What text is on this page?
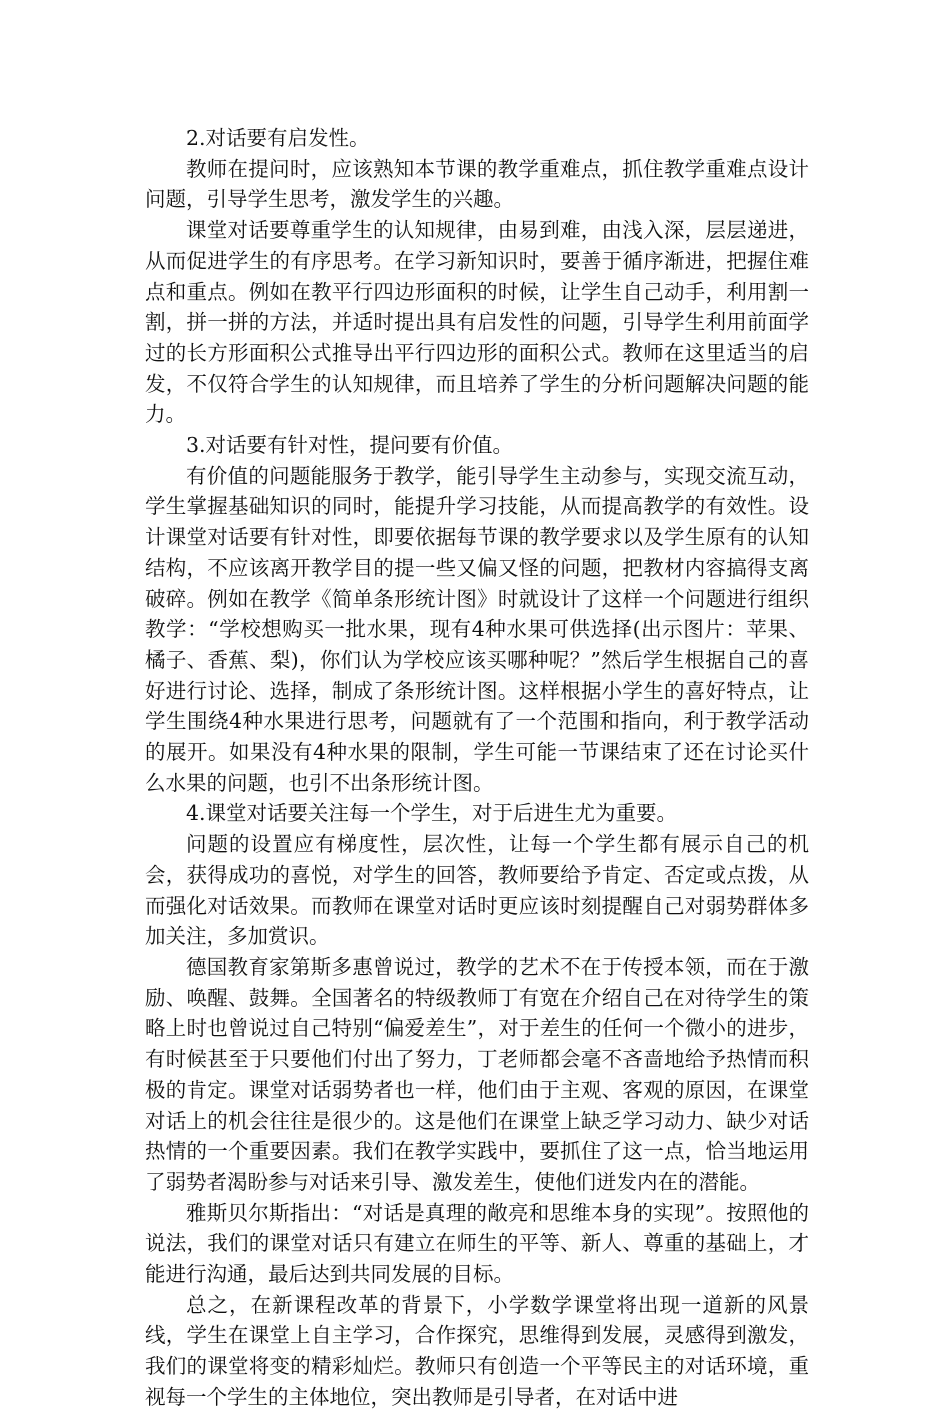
2.对话要有启发性。

教师在提问时，应该熟知本节课的教学重难点，抓住教学重难点设计问题，引导学生思考，激发学生的兴趣。

课堂对话要尊重学生的认知规律，由易到难，由浅入深，层层递进，从而促进学生的有序思考。在学习新知识时，要善于循序渐进，把握住难点和重点。例如在教平行四边形面积的时候，让学生自己动手，利用割一割，拼一拼的方法，并适时提出具有启发性的问题，引导学生利用前面学过的长方形面积公式推导出平行四边形的面积公式。教师在这里适当的启发，不仅符合学生的认知规律，而且培养了学生的分析问题解决问题的能力。

3.对话要有针对性，提问要有价值。

有价值的问题能服务于教学，能引导学生主动参与，实现交流互动，学生掌握基础知识的同时，能提升学习技能，从而提高教学的有效性。设计课堂对话要有针对性，即要依据每节课的教学要求以及学生原有的认知结构，不应该离开教学目的提一些又偏又怪的问题，把教材内容搞得支离破碎。例如在教学《简单条形统计图》时就设计了这样一个问题进行组织教学：“学校想购买一批水果，现有4种水果可供选择(出示图片：苹果、橘子、香蕉、梨)，你们认为学校应该买哪种呢？”然后学生根据自己的喜好进行讨论、选择，制成了条形统计图。这样根据小学生的喜好特点，让学生围绕4种水果进行思考，问题就有了一个范围和指向，利于教学活动的展开。如果没有4种水果的限制，学生可能一节课结束了还在讨论买什么水果的问题，也引不出条形统计图。

4.课堂对话要关注每一个学生，对于后进生尤为重要。

问题的设置应有梯度性，层次性，让每一个学生都有展示自己的机会，获得成功的喜悦，对学生的回答，教师要给予肯定、否定或点拨，从而强化对话效果。而教师在课堂对话时更应该时刻提醒自己对弱势群体多加关注，多加赏识。

德国教育家第斯多惠曾说过，教学的艺术不在于传授本领，而在于激励、唤醒、鼓舞。全国著名的特级教师丁有宽在介绍自己在对待学生的策略上时也曾说过自己特别“偏爱差生”，对于差生的任何一个微小的进步，有时候甚至于只要他们付出了努力，丁老师都会毫不吝啬地给予热情而积极的肯定。课堂对话弱势者也一样，他们由于主观、客观的原因，在课堂对话上的机会往往是很少的。这是他们在课堂上缺乏学习动力、缺少对话热情的一个重要因素。我们在教学实践中，要抓住了这一点，恰当地运用了弱势者渴盼参与对话来引导、激发差生，使他们迸发内在的潜能。

雅斯贝尔斯指出：“对话是真理的敞亮和思维本身的实现”。按照他的说法，我们的课堂对话只有建立在师生的平等、新人、尊重的基础上，才能进行沟通，最后达到共同发展的目标。

总之，在新课程改革的背景下，小学数学课堂将出现一道新的风景线，学生在课堂上自主学习，合作探究，思维得到发展，灵感得到激发，我们的课堂将变的精彩灿烂。教师只有创造一个平等民主的对话环境，重视每一个学生的主体地位，突出教师是引导者，在对话中进
